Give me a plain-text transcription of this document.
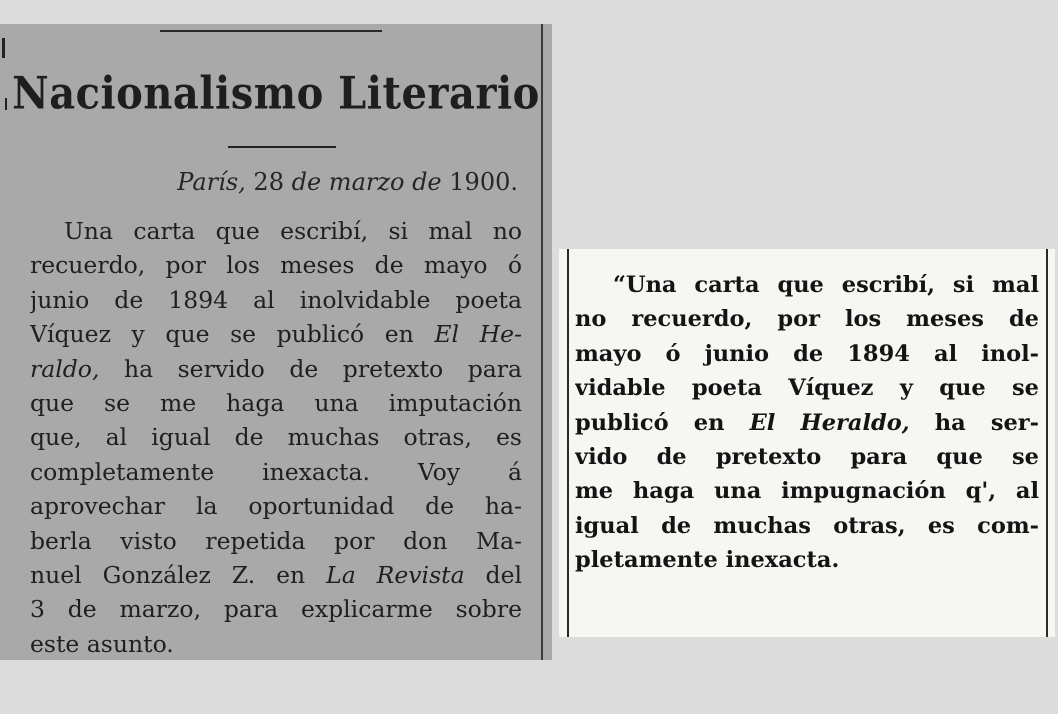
Nacionalismo Literario
París, 28 de marzo de 1900.
Una carta que escribí, si mal no
recuerdo, por los meses de mayo ó
junio de 1894 al inolvidable poeta
Víquez y que se publicó en El He-
raldo, ha servido de pretexto para
que se me haga una imputación
que, al igual de muchas otras, es
completamente inexacta. Voy á
aprovechar la oportunidad de ha-
berla visto repetida por don Ma-
nuel González Z. en La Revista del
3 de marzo, para explicarme sobre
este asunto.
“Una carta que escribí, si mal
no recuerdo, por los meses de
mayo ó junio de 1894 al inol-
vidable poeta Víquez y que se
publicó en El Heraldo, ha ser-
vido de pretexto para que se
me haga una impugnación q', al
igual de muchas otras, es com-
pletamente inexacta.
